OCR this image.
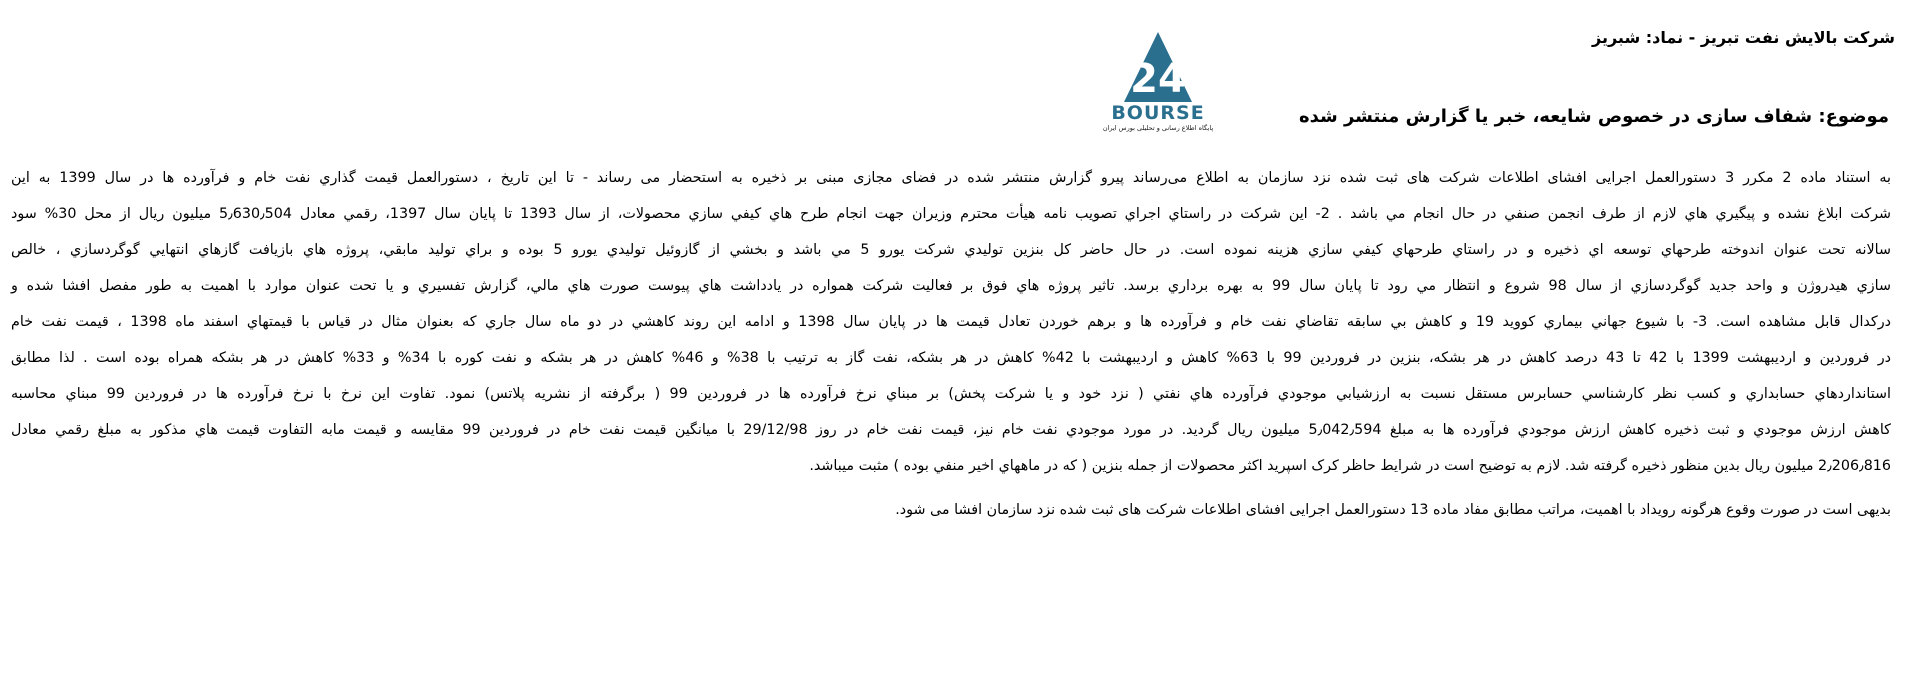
شرکت بالایش نفت تبریز - نماد: شبریز
24
BOURSE
پایگاه اطلاع رسانی و تحلیلی بورس ایران
موضوع: شفاف سازی در خصوص شایعه، خبر یا گزارش منتشر شده
به استناد ماده 2 مکرر 3 دستورالعمل اجرایی افشای اطلاعات شرکت های ثبت شده نزد سازمان به اطلاع می‌رساند پیرو گزارش منتشر شده در فضای مجازی مبنی بر ذخیره به استحضار می رساند - تا این تاریخ ، دستورالعمل قیمت گذاري نفت خام و فرآورده ها در سال 1399 به این
شرکت ابلاغ نشده و پیگیري هاي لازم از طرف انجمن صنفي در حال انجام مي باشد . 2- این شرکت در راستاي اجراي تصویب نامه هیأت محترم وزیران جهت انجام طرح هاي کیفي سازي محصولات، از سال 1393 تا پایان سال 1397، رقمي معادل 5٫630٫504 میلیون ریال از محل 30% سود
سالانه تحت عنوان اندوخته طرحهاي توسعه اي ذخیره و در راستاي طرحهاي کیفي سازي هزینه نموده است. در حال حاضر کل بنزین تولیدي شرکت یورو 5 مي باشد و بخشي از گازوئیل تولیدي یورو 5 بوده و براي تولید مابقي، پروژه هاي بازیافت گازهاي انتهایي گوگردسازي ، خالص
سازي هیدروژن و واحد جدید گوگردسازي از سال 98 شروع و انتظار مي رود تا پایان سال 99 به بهره برداري برسد. تاثیر پروژه هاي فوق بر فعالیت شرکت همواره در یادداشت هاي پیوست صورت هاي مالي، گزارش تفسیري و یا تحت عنوان موارد با اهمیت به طور مفصل افشا شده و
درکدال قابل مشاهده است. 3- با شیوع جهاني بیماري کووید 19 و کاهش بي سابقه تقاضاي نفت خام و فرآورده ها و برهم خوردن تعادل قیمت ها در پایان سال 1398 و ادامه این روند کاهشي در دو ماه سال جاري که بعنوان مثال در قیاس با قیمتهاي اسفند ماه 1398 ، قیمت نفت خام
در فروردین و اردیبهشت 1399 با 42 تا 43 درصد کاهش در هر بشکه، بنزین در فروردین 99 با 63% کاهش و اردیبهشت با 42% کاهش در هر بشکه، نفت گاز به ترتیب با 38% و 46% کاهش در هر بشکه و نفت کوره با 34% و 33% کاهش در هر بشکه همراه بوده است . لذا مطابق
استانداردهاي حسابداري و کسب نظر کارشناسي حسابرس مستقل نسبت به ارزشیابي موجودي فرآورده هاي نفتي ( نزد خود و یا شرکت پخش) بر مبناي نرخ فرآورده ها در فروردین 99 ( برگرفته از نشریه پلاتس) نمود. تفاوت این نرخ با نرخ فرآورده ها در فروردین 99 مبناي محاسبه
کاهش ارزش موجودي و ثبت ذخیره کاهش ارزش موجودي فرآورده ها به مبلغ 5٫042٫594 میلیون ریال گردید. در مورد موجودي نفت خام نیز، قیمت نفت خام در روز 29/12/98 با میانگین قیمت نفت خام در فروردین 99 مقایسه و قیمت مابه التفاوت قیمت هاي مذکور به مبلغ رقمي معادل
2٫206٫816 میلیون ریال بدین منظور ذخیره گرفته شد. لازم به توضیح است در شرایط حاظر کرک اسپرید اکثر محصولات از جمله بنزین ( که در ماههاي اخیر منفي بوده ) مثبت میباشد.
بدیهی است در صورت وقوع هرگونه رویداد با اهمیت، مراتب مطابق مفاد ماده 13 دستورالعمل اجرایی افشای اطلاعات شرکت های ثبت شده نزد سازمان افشا می شود.
